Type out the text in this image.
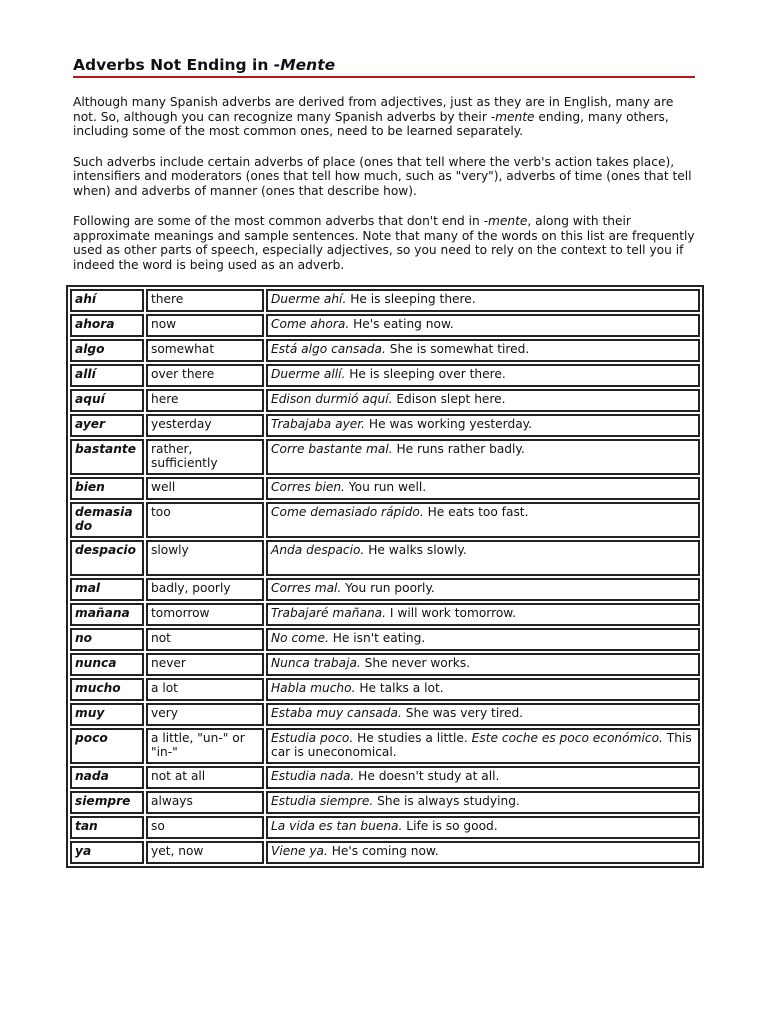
Adverbs Not Ending in -Mente

Although many Spanish adverbs are derived from adjectives, just as they are in English, many are not. So, although you can recognize many Spanish adverbs by their -mente ending, many others, including some of the most common ones, need to be learned separately.

Such adverbs include certain adverbs of place (ones that tell where the verb's action takes place), intensifiers and moderators (ones that tell how much, such as "very"), adverbs of time (ones that tell when) and adverbs of manner (ones that describe how).

Following are some of the most common adverbs that don't end in -mente, along with their approximate meanings and sample sentences. Note that many of the words on this list are frequently used as other parts of speech, especially adjectives, so you need to rely on the context to tell you if indeed the word is being used as an adverb.

ahí	there	Duerme ahí. He is sleeping there.
ahora	now	Come ahora. He's eating now.
algo	somewhat	Está algo cansada. She is somewhat tired.
allí	over there	Duerme allí. He is sleeping over there.
aquí	here	Edison durmió aquí. Edison slept here.
ayer	yesterday	Trabajaba ayer. He was working yesterday.
bastante	rather, sufficiently	Corre bastante mal. He runs rather badly.
bien	well	Corres bien. You run well.
demasiado	too	Come demasiado rápido. He eats too fast.
despacio	slowly	Anda despacio. He walks slowly.
mal	badly, poorly	Corres mal. You run poorly.
mañana	tomorrow	Trabajaré mañana. I will work tomorrow.
no	not	No come. He isn't eating.
nunca	never	Nunca trabaja. She never works.
mucho	a lot	Habla mucho. He talks a lot.
muy	very	Estaba muy cansada. She was very tired.
poco	a little, "un-" or "in-"	Estudia poco. He studies a little. Este coche es poco económico. This car is uneconomical.
nada	not at all	Estudia nada. He doesn't study at all.
siempre	always	Estudia siempre. She is always studying.
tan	so	La vida es tan buena. Life is so good.
ya	yet, now	Viene ya. He's coming now.
